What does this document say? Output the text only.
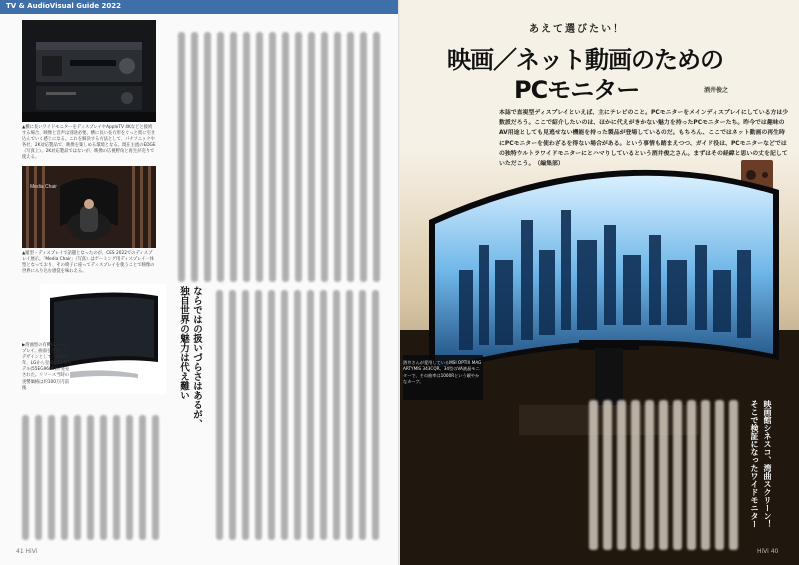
TV & AudioVisual Guide 2022
▲横に長いワイドモニターをディスプレイやAppleTV 4Kなどと接続する場合、映像と音声は別途必要。横に長い長方形をぐっと奥に引き込んでいく感じになる。これを解決する方法として、パナソニックや各社、2K対応製品で、映像を楽しめる環境となる。現在主流のEDGE（写真上）。2K対応製品ではないが、映像の広視野角と再生が売りで使える。
Media Chair
▲縦型・ディスプレイで話題となったのが、CES 2022でのディスプレイ展示。「Media Chair」（写真）はゲーミング用ディスプレイ一体型となっており、その椅子に座ってディスプレイを使うことで映像の世界に入り込む感覚を味わえる。
▶湾曲型の有機ELディスプレイ。曲面を活かしたデザインとして、2016年、LGから登場。55型モデル(55EG9600)が発売された。リリース当時の実勢価格は約100万円前後	ならではの扱いづらさはあるが、
独自世界の魅力は代え難い
41 HiVi
あえて選びたい！
映画／ネット動画のための
PCモニター	酒井俊之
本誌で直視型ディスプレイといえば、主にテレビのこと。PCモニターをメインディスプレイにしている方は少数派だろう。ここで紹介したいのは、ほかに代えがきかない魅力を持ったPCモニターたち。昨今では趣味のAV用途としても見逃せない機能を持った製品が登場しているのだ。もちろん、ここではネット動画の再生時にPCモニターを使わざるを得ない場合がある。という事情も踏まえつつ、ガイド役は、PCモニターなどではの独特ウルトラワイドモニターにとハマりしているという酒井俊之さん。まずはその経緯と思いの丈を記していただこう。（編集部）
酒井さんが愛用しているMSI OPTIX MAG ARTYMIS 343CQR。34型のVA液晶モニターで、その曲率は1000Rという緩やかなカーブ。
映画館シネスコ、湾曲スクリーン！
そこで検証になったワイドモニター
HiVi 40
